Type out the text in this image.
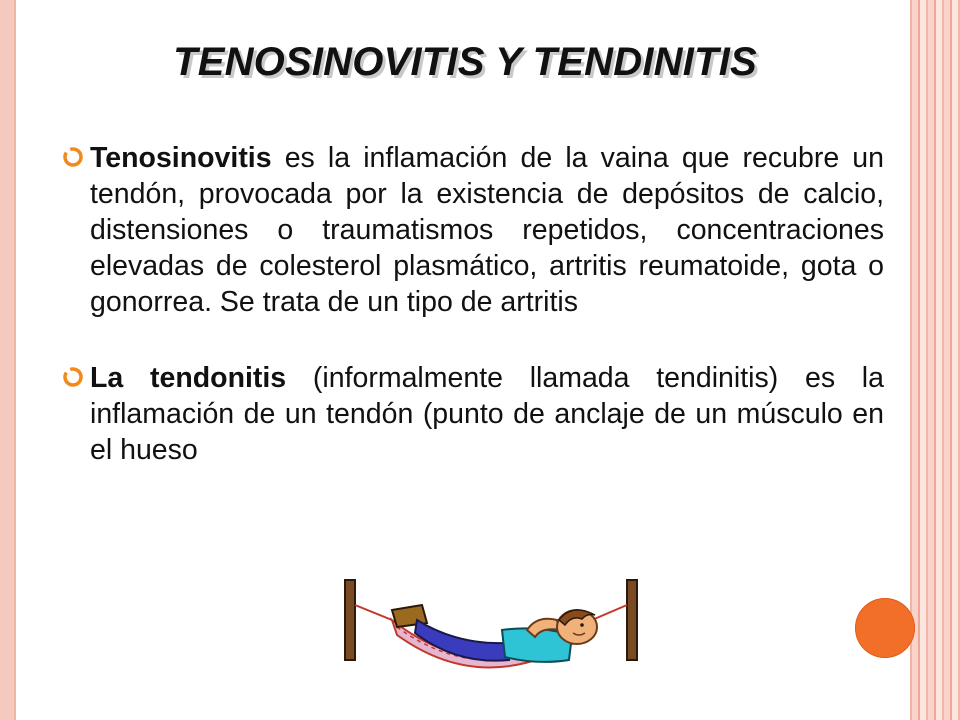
TENOSINOVITIS Y TENDINITIS
Tenosinovitis es la inflamación de la vaina que recubre un tendón, provocada por la existencia de depósitos de calcio, distensiones o traumatismos repetidos, concentraciones elevadas de colesterol plasmático, artritis reumatoide, gota o gonorrea. Se trata de un tipo de artritis
La tendonitis (informalmente llamada tendinitis) es la inflamación de un tendón (punto de anclaje de un músculo en el hueso
